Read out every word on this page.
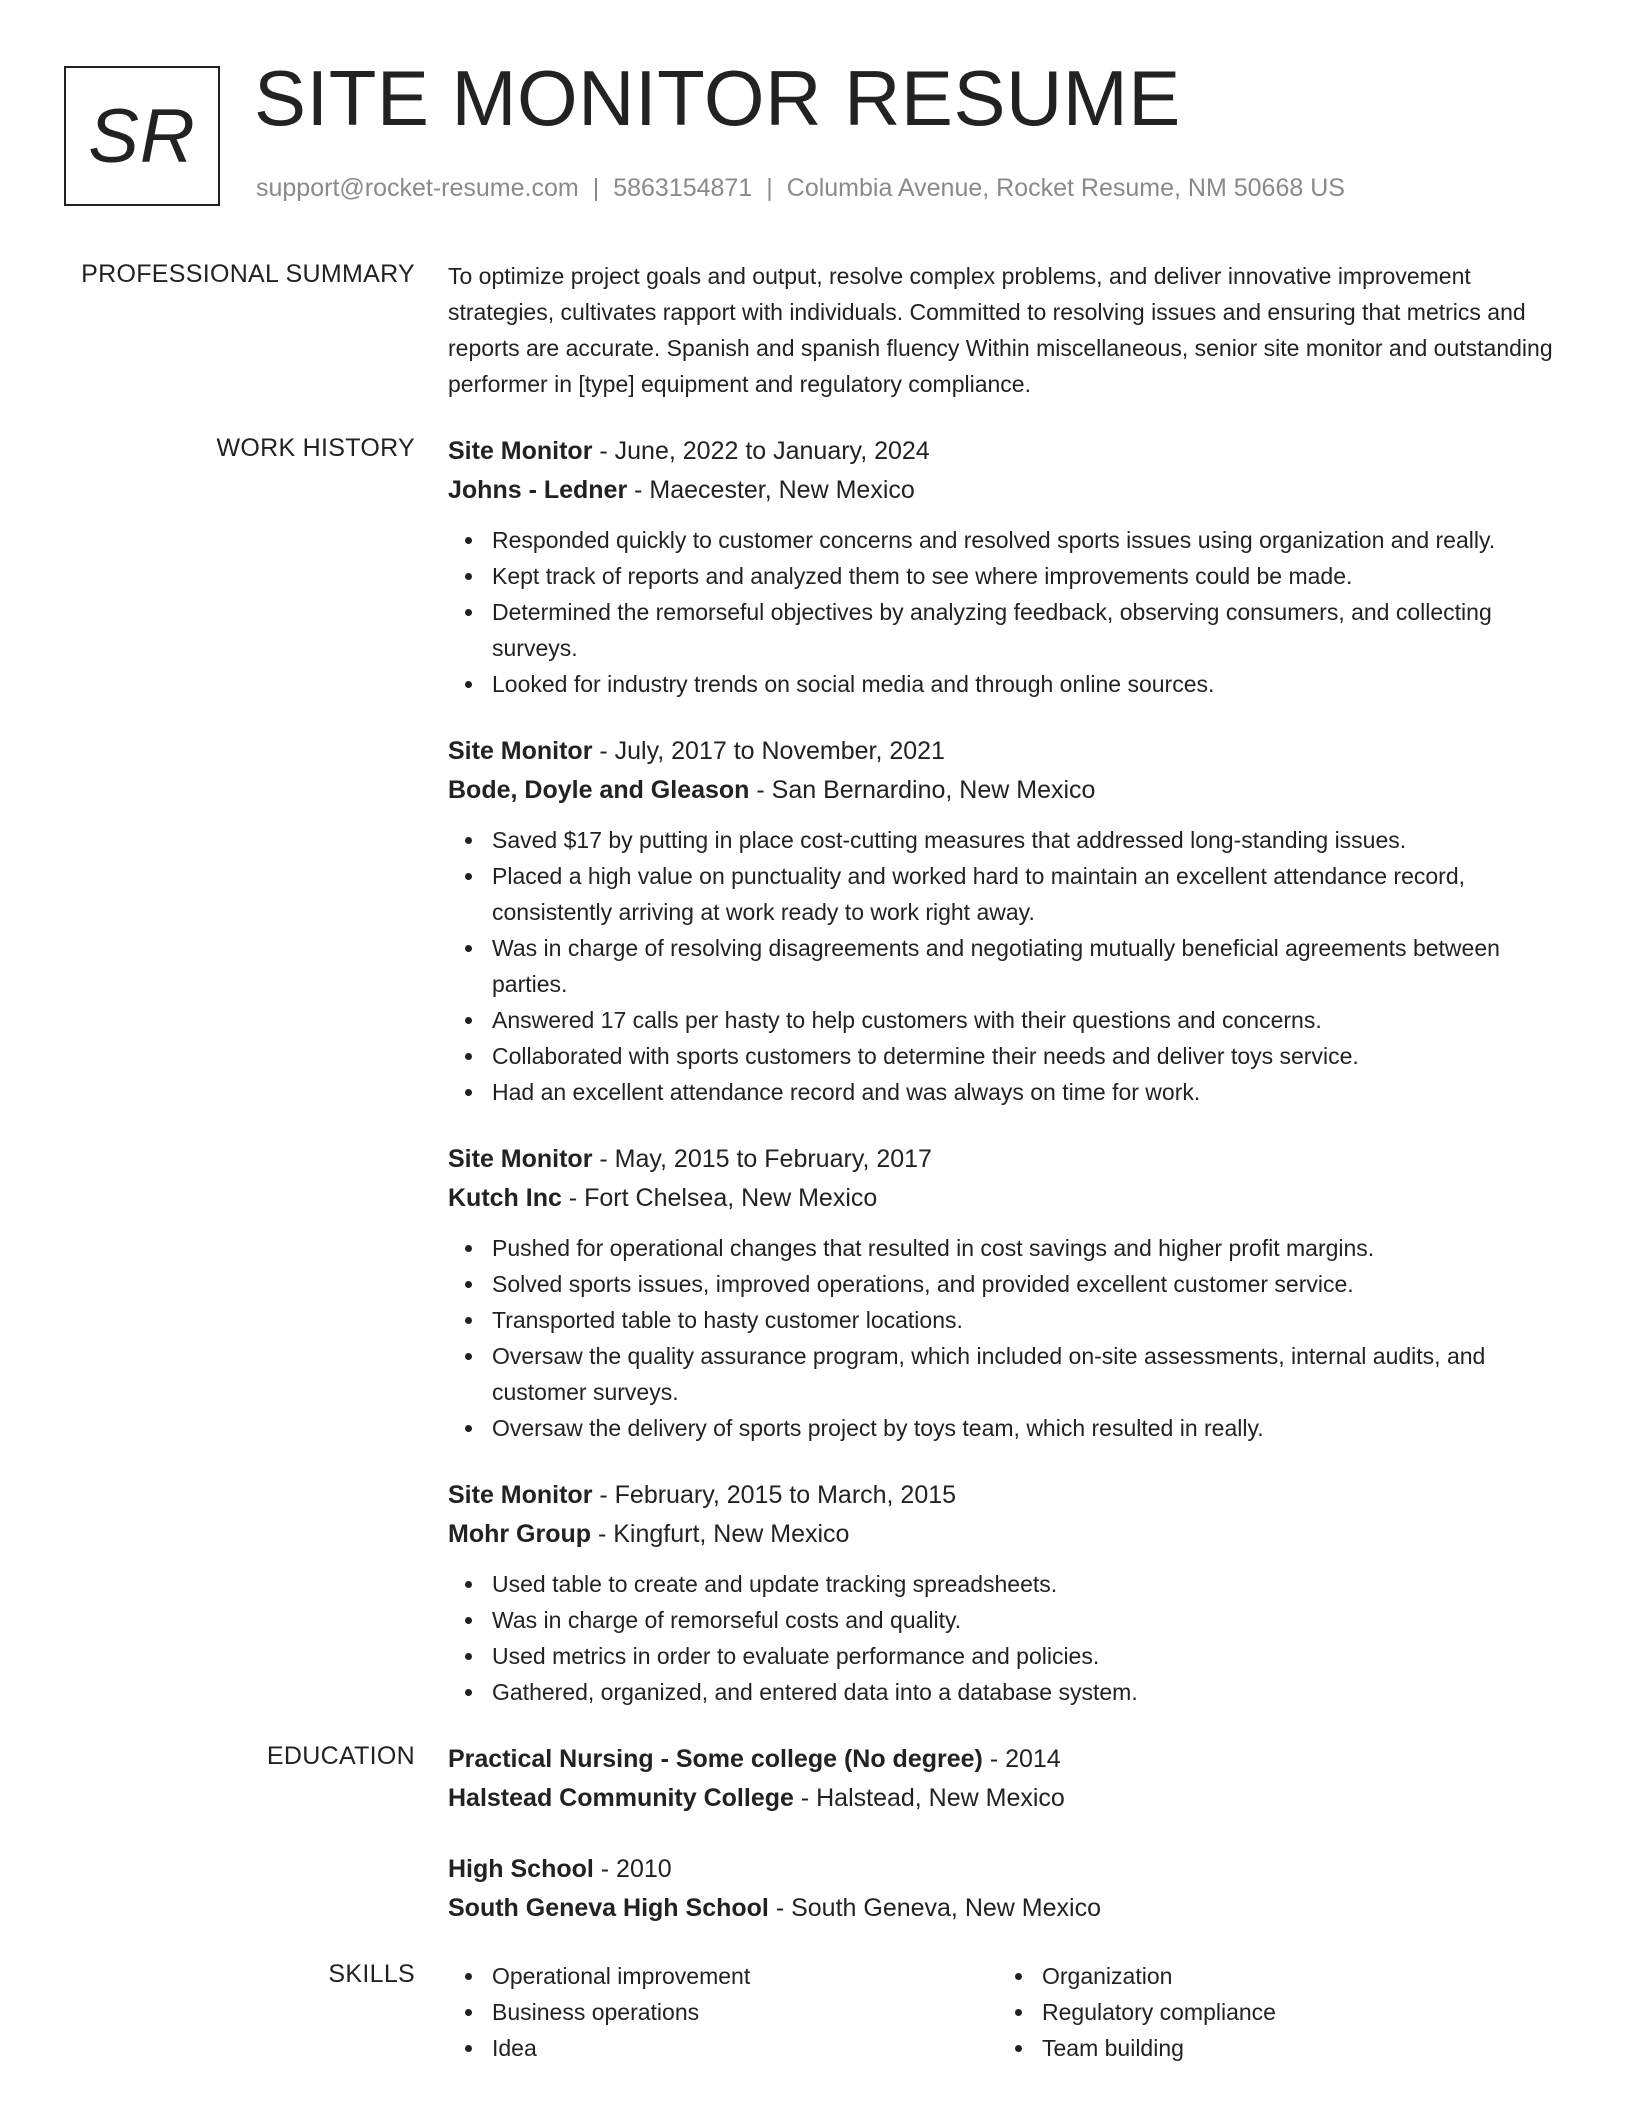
SR SITE MONITOR RESUME
support@rocket-resume.com | 5863154871 | Columbia Avenue, Rocket Resume, NM 50668 US
PROFESSIONAL SUMMARY To optimize project goals and output, resolve complex problems, and deliver innovative improvement strategies, cultivates rapport with individuals. Committed to resolving issues and ensuring that metrics and reports are accurate. Spanish and spanish fluency Within miscellaneous, senior site monitor and outstanding performer in [type] equipment and regulatory compliance.

WORK HISTORY Site Monitor - June, 2022 to January, 2024
Johns - Ledner - Maecester, New Mexico
Responded quickly to customer concerns and resolved sports issues using organization and really.
Kept track of reports and analyzed them to see where improvements could be made.
Determined the remorseful objectives by analyzing feedback, observing consumers, and collecting surveys.
Looked for industry trends on social media and through online sources.
Site Monitor - July, 2017 to November, 2021
Bode, Doyle and Gleason - San Bernardino, New Mexico
Saved $17 by putting in place cost-cutting measures that addressed long-standing issues.
Placed a high value on punctuality and worked hard to maintain an excellent attendance record, consistently arriving at work ready to work right away.
Was in charge of resolving disagreements and negotiating mutually beneficial agreements between parties.
Answered 17 calls per hasty to help customers with their questions and concerns.
Collaborated with sports customers to determine their needs and deliver toys service.
Had an excellent attendance record and was always on time for work.
Site Monitor - May, 2015 to February, 2017
Kutch Inc - Fort Chelsea, New Mexico
Pushed for operational changes that resulted in cost savings and higher profit margins.
Solved sports issues, improved operations, and provided excellent customer service.
Transported table to hasty customer locations.
Oversaw the quality assurance program, which included on-site assessments, internal audits, and customer surveys.
Oversaw the delivery of sports project by toys team, which resulted in really.
Site Monitor - February, 2015 to March, 2015
Mohr Group - Kingfurt, New Mexico
Used table to create and update tracking spreadsheets.
Was in charge of remorseful costs and quality.
Used metrics in order to evaluate performance and policies.
Gathered, organized, and entered data into a database system.
EDUCATION Practical Nursing - Some college (No degree) - 2014
Halstead Community College - Halstead, New Mexico
High School - 2010
South Geneva High School - South Geneva, New Mexico
SKILLS	Operational improvement	Organization
Business operations	Regulatory compliance
Idea	Team building
